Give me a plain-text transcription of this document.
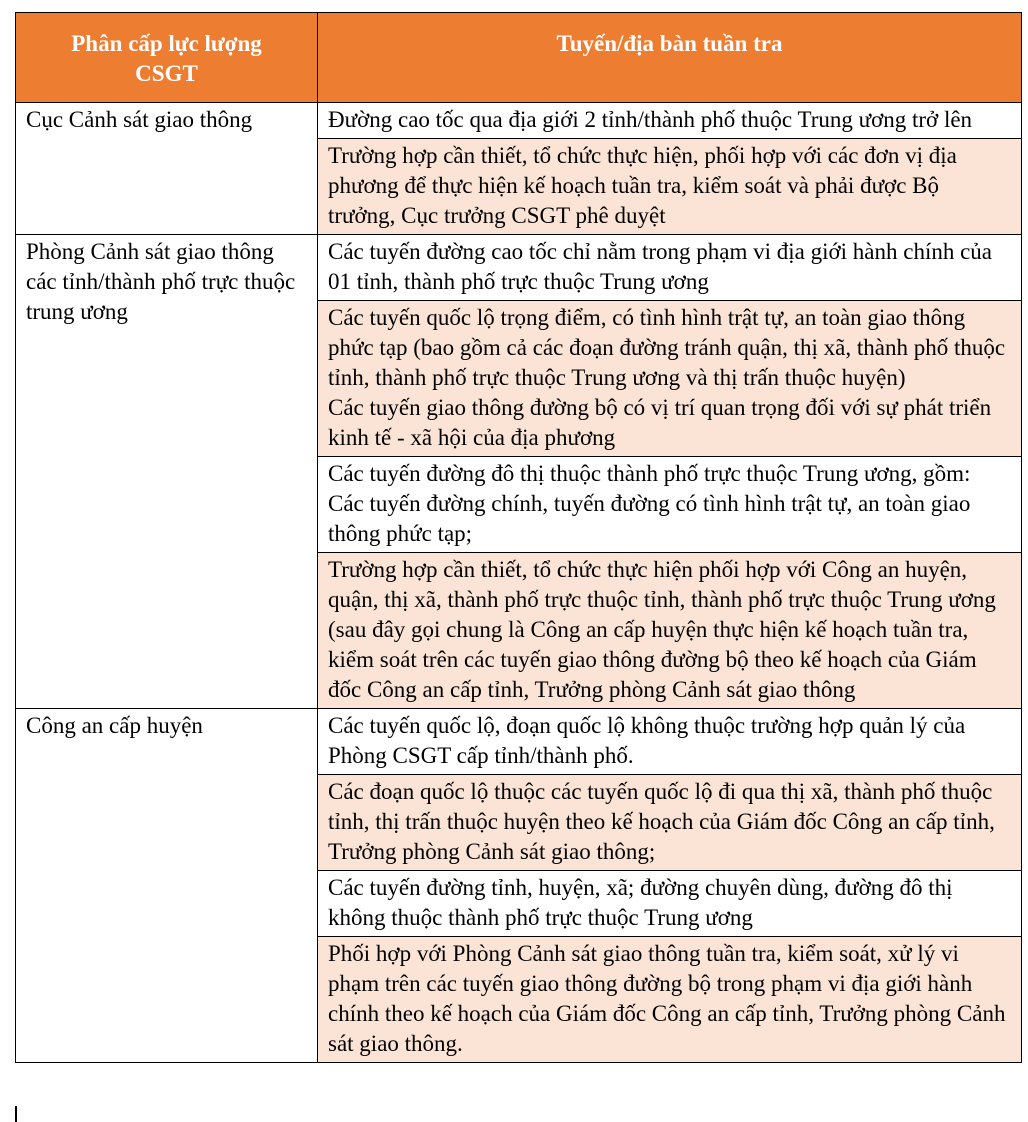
Phân cấp lực lượng CSGT	Tuyến/địa bàn tuần tra
Cục Cảnh sát giao thông	Đường cao tốc qua địa giới 2 tỉnh/thành phố thuộc Trung ương trở lên
	Trường hợp cần thiết, tổ chức thực hiện, phối hợp với các đơn vị địa phương để thực hiện kế hoạch tuần tra, kiểm soát và phải được Bộ trưởng, Cục trưởng CSGT phê duyệt
Phòng Cảnh sát giao thông các tỉnh/thành phố trực thuộc trung ương	Các tuyến đường cao tốc chỉ nằm trong phạm vi địa giới hành chính của 01 tỉnh, thành phố trực thuộc Trung ương

	Các tuyến quốc lộ trọng điểm, có tình hình trật tự, an toàn giao thông phức tạp (bao gồm cả các đoạn đường tránh quận, thị xã, thành phố thuộc tỉnh, thành phố trực thuộc Trung ương và thị trấn thuộc huyện)
Các tuyến giao thông đường bộ có vị trí quan trọng đối với sự phát triển kinh tế - xã hội của địa phương

	Các tuyến đường đô thị thuộc thành phố trực thuộc Trung ương, gồm: Các tuyến đường chính, tuyến đường có tình hình trật tự, an toàn giao thông phức tạp;
	Trường hợp cần thiết, tổ chức thực hiện phối hợp với Công an huyện, quận, thị xã, thành phố trực thuộc tỉnh, thành phố trực thuộc Trung ương (sau đây gọi chung là Công an cấp huyện thực hiện kế hoạch tuần tra, kiểm soát trên các tuyến giao thông đường bộ theo kế hoạch của Giám đốc Công an cấp tỉnh, Trưởng phòng Cảnh sát giao thông
Công an cấp huyện	Các tuyến quốc lộ, đoạn quốc lộ không thuộc trường hợp quản lý của Phòng CSGT cấp tỉnh/thành phố.
	Các đoạn quốc lộ thuộc các tuyến quốc lộ đi qua thị xã, thành phố thuộc tỉnh, thị trấn thuộc huyện theo kế hoạch của Giám đốc Công an cấp tỉnh, Trưởng phòng Cảnh sát giao thông;
	Các tuyến đường tỉnh, huyện, xã; đường chuyên dùng, đường đô thị không thuộc thành phố trực thuộc Trung ương
	Phối hợp với Phòng Cảnh sát giao thông tuần tra, kiểm soát, xử lý vi phạm trên các tuyến giao thông đường bộ trong phạm vi địa giới hành chính theo kế hoạch của Giám đốc Công an cấp tỉnh, Trưởng phòng Cảnh sát giao thông.
